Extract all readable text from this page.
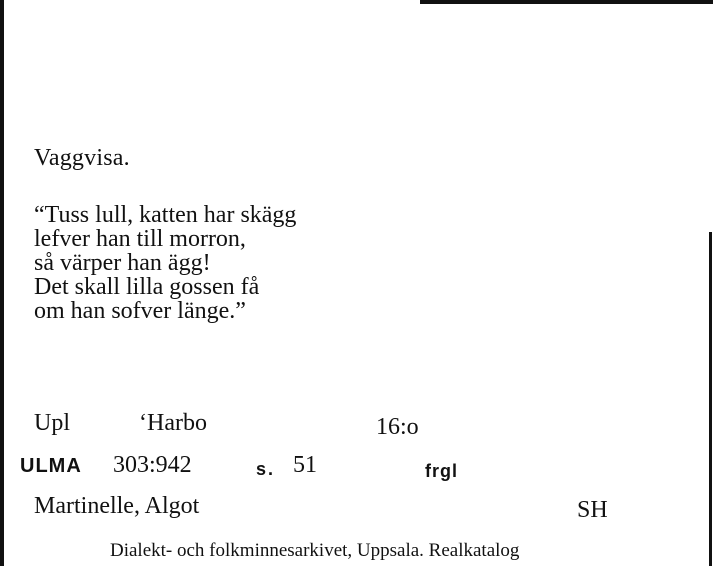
Vaggvisa.
“Tuss lull, katten har skägg
lefver han till morron,
så värper han ägg!
Det skall lilla gossen få
om han sofver länge.”
Upl	‘Harbo	16:o
ULMA 303:942	s. 51	frgl
Martinelle, Algot	SH
Dialekt- och folkminnesarkivet, Uppsala. Realkatalog
